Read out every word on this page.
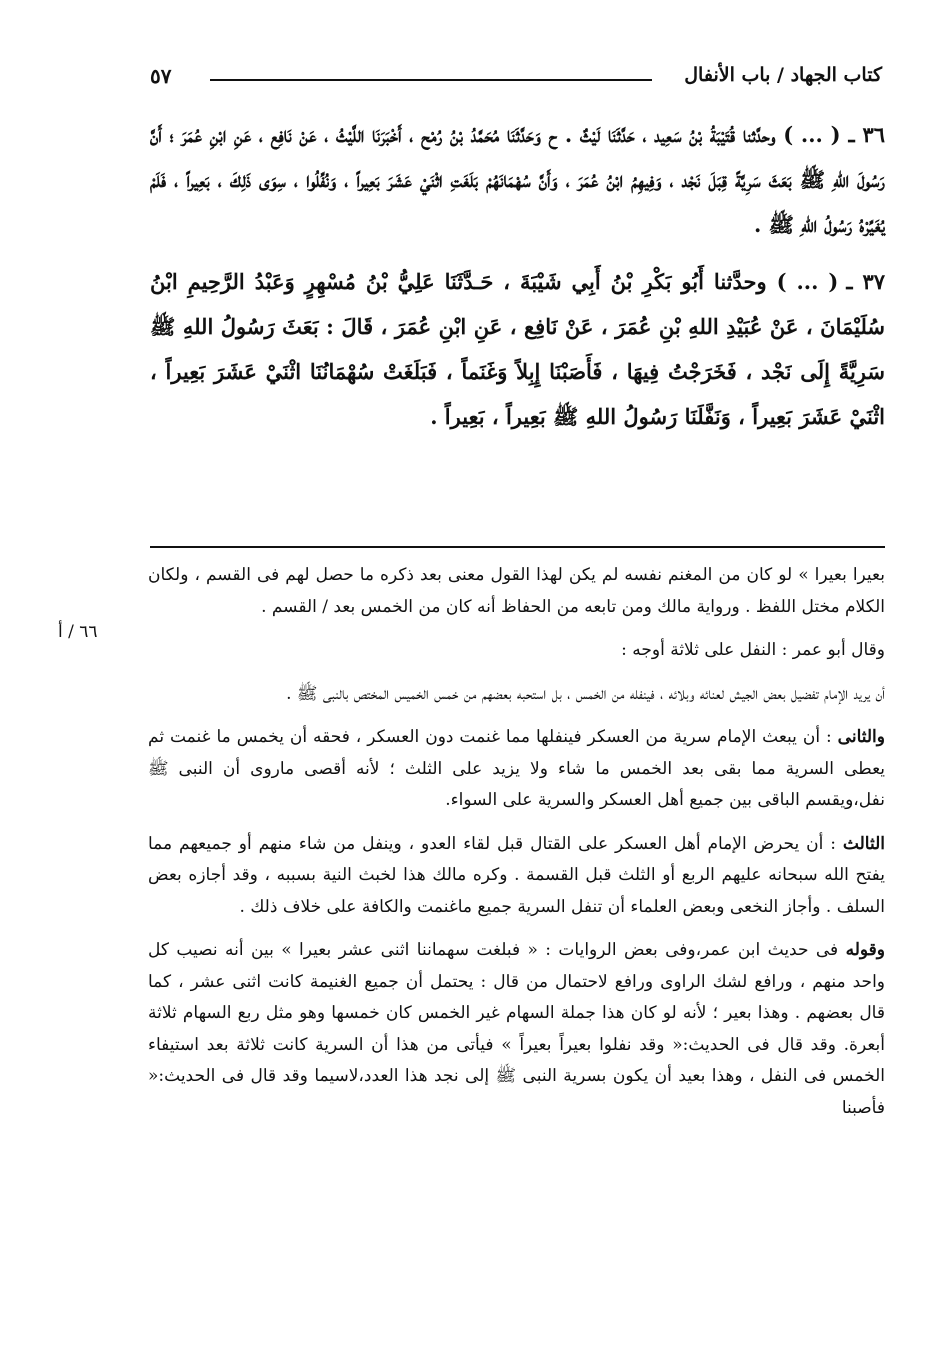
كتاب الجهاد / باب الأنفال
٥٧

٣٦ ـ( ... ) وحدَّثنا قُتَيْبَةُ بْنُ سَعِيد ، حَدَّثَنَا لَيْثٌ . ح وَحَدَّثَنَا مُحَمَّدُ بْنُ رُمْح ، أَخْبَرَنَا اللَّيْثُ ، عَنْ نَافِع ، عَنِ ابْنِ عُمَرَ ؛ أَنَّ رَسُولَ اللهِ ﷺ بَعَثَ سَرِيَّةً قِبَلَ نَجْد ، وَفِيهِمُ ابْنُ عُمَرَ ، وَأَنَّ سُهْمَانَهُمْ بَلَغَتِ اثْنَيْ عَشَرَ بَعِيراً ، وَنُفِّلُوا ، سِوَى ذَلِكَ ، بَعِيراً ، فَلَمْ يُغَيِّرْهُ رَسُولُ اللهِ ﷺ .

٣٧ ـ( ... ) وحدَّثنا أَبُو بَكْرِ بْنُ أَبِي شَيْبَةَ ، حَـدَّثَنَا عَلِيُّ بْنُ مُسْهِرٍ وَعَبْدُ الرَّحِيمِ ابْنُ سُلَيْمَانَ ، عَنْ عُبَيْدِ اللهِ بْنِ عُمَرَ ، عَنْ نَافِع ، عَنِ ابْنِ عُمَرَ ، قَالَ : بَعَثَ رَسُولُ اللهِ ﷺ سَرِيَّةً إِلَى نَجْد ، فَخَرَجْتُ فِيهَا ، فَأَصَبْنَا إِبِلاً وَغَنَماً ، فَبَلَغَتْ سُهْمَانُنَا اثْنَيْ عَشَرَ بَعِيراً ، اثْنَيْ عَشَرَ بَعِيراً ، وَنَفَّلَنَا رَسُولُ اللهِ ﷺ بَعِيراً ، بَعِيراً .

بعيرا بعيرا » لو كان من المغنم نفسه لم يكن لهذا القول معنى بعد ذكره ما حصل لهم فى القسم ، ولكان الكلام مختل اللفظ . ورواية مالك ومن تابعه من الحفاظ أنه كان من الخمس بعد / القسم .

وقال أبو عمر : النفل على ثلاثة أوجه :

أن يريد الإمام تفضيل بعض الجيش لعنائه وبلائه ، فينفله من الخمس ، بل استحبه بعضهم من خمس الخميس المختص بالنبى ﷺ .

والثانى : أن يبعث الإمام سرية من العسكر فينفلها مما غنمت دون العسكر ، فحقه أن يخمس ما غنمت ثم يعطى السرية مما بقى بعد الخمس ما شاء ولا يزيد على الثلث ؛ لأنه أقصى ماروى أن النبى ﷺ نفل،ويقسم الباقى بين جميع أهل العسكر والسرية على السواء.

الثالث : أن يحرض الإمام أهل العسكر على القتال قبل لقاء العدو ، وينفل من شاء منهم أو جميعهم مما يفتح الله سبحانه عليهم الربع أو الثلث قبل القسمة . وكره مالك هذا لخبث النية بسببه ، وقد أجازه بعض السلف . وأجاز النخعى وبعض العلماء أن تنفل السرية جميع ماغنمت والكافة على خلاف ذلك .

وقوله فى حديث ابن عمر،وفى بعض الروايات : « فبلغت سهماننا اثنى عشر بعيرا » بين أنه نصيب كل واحد منهم ، ورافع لشك الراوى ورافع لاحتمال من قال : يحتمل أن جميع الغنيمة كانت اثنى عشر ، كما قال بعضهم . وهذا بعير ؛ لأنه لو كان هذا جملة السهام غير الخمس كان خمسها وهو مثل ربع السهام ثلاثة أبعرة. وقد قال فى الحديث:« وقد نفلوا بعيراً بعيراً » فيأتى من هذا أن السرية كانت ثلاثة بعد استيفاء الخمس فى النفل ، وهذا بعيد أن يكون بسرية النبى ﷺ إلى نجد هذا العدد،لاسيما وقد قال فى الحديث:« فأصبنا

٦٦ / أ
